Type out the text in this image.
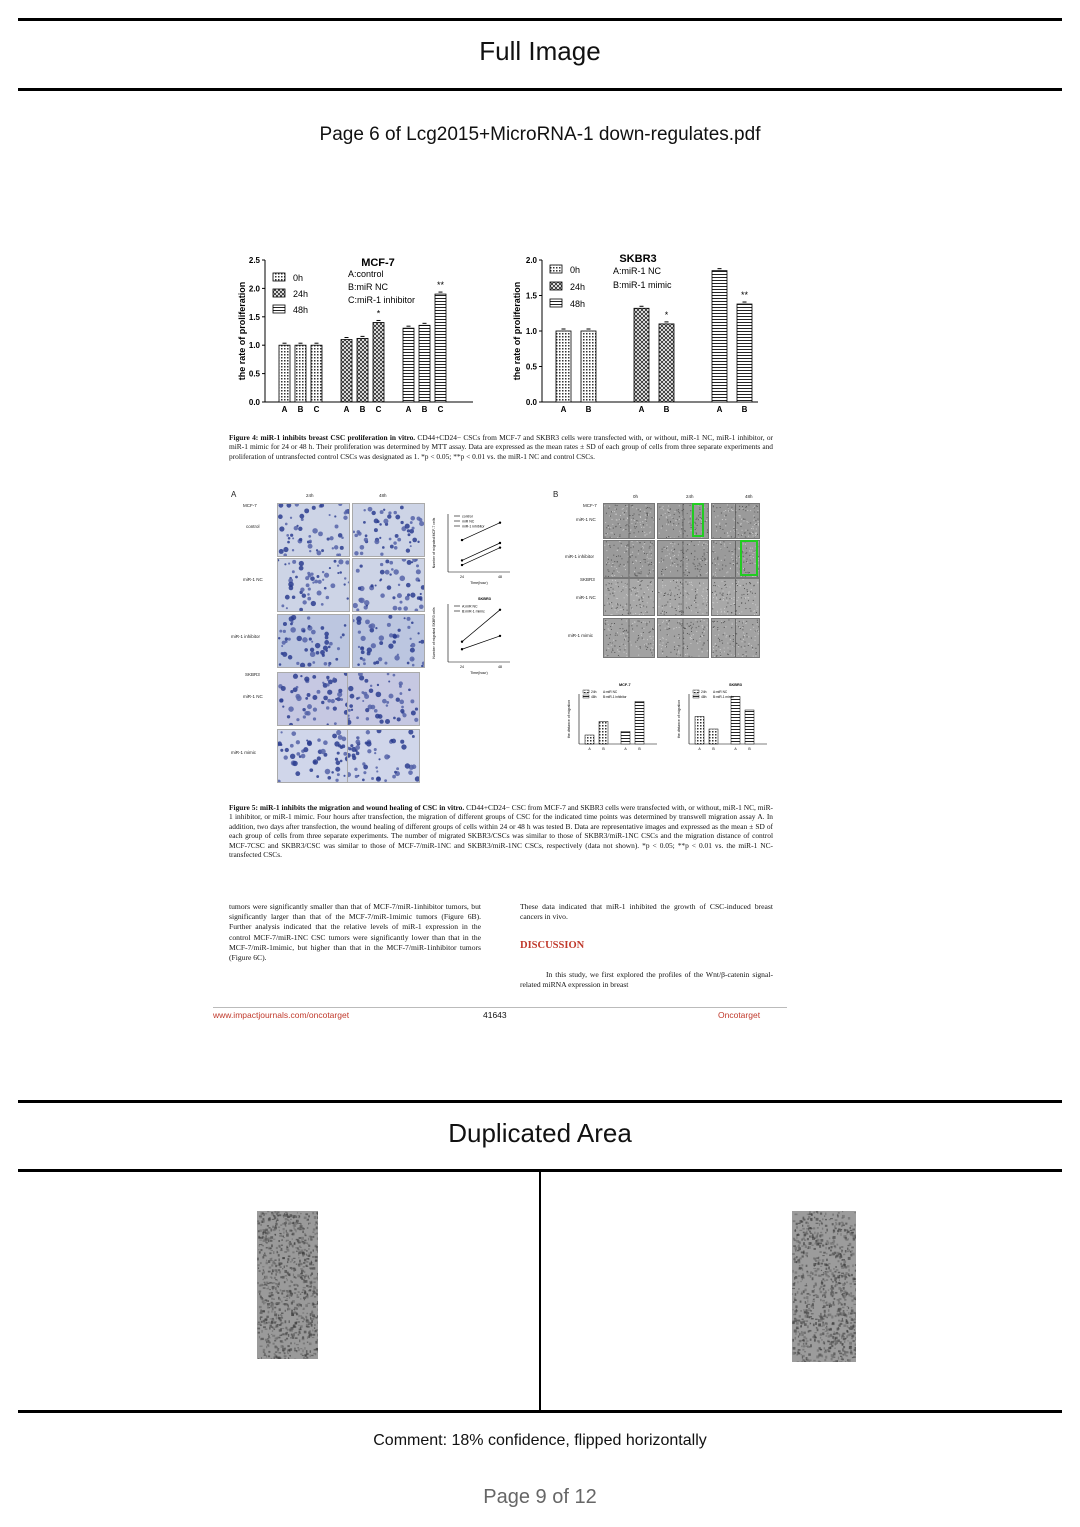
Full Image
Page 6 of Lcg2015+MicroRNA-1 down-regulates.pdf
0.0
0.5
1.0
1.5
2.0
2.5
the rate of proliferation
A B C	A B C	A B C
*
**
MCF-7
0h
24h
48h
A:control
B:miR NC
C:miR-1 inhibitor
0.0
0.5
1.0
1.5
2.0
the rate of proliferation
A B	A B	A B
*
**
SKBR3
0h
24h
48h
A:miR-1 NC
B:miR-1 mimic
Figure 4: miR-1 inhibits breast CSC proliferation in vitro. CD44+CD24− CSCs from MCF-7 and SKBR3 cells were transfected with, or without, miR-1 NC, miR-1 inhibitor, or miR-1 mimic for 24 or 48 h. Their proliferation was determined by MTT assay. Data are expressed as the mean rates ± SD of each group of cells from three separate experiments and proliferation of untransfected control CSCs was designated as 1. *p < 0.05; **p < 0.01 vs. the miR-1 NC and control CSCs.
A	24h	48h
MCF-7
control
miR-1 NC
miR-1 inhibitor
SKBR3
miR-1 NC
miR-1 mimic
Number of migrated MCF-7 cells
Time(hour)
24	48
control
miR NC
miR-1 inhibitor
Number of migrated SKBR3 cells
Time(hour)
24	48
SKBR3
A:miR NC
B:miR-1 mimic
B	0h	24h	48h
MCF-7
miR-1 NC
miR-1 inhibitor
SKBR3
miR-1 NC
miR-1 mimic
MCF-7
the distance of migration
A	B	A	B
24h
48h
A:miR NC
B:miR-1 inhibitor
SKBR3
the distance of migration
A	B	A	B
24h
48h
A:miR NC
B:miR-1 mimic
Figure 5: miR-1 inhibits the migration and wound healing of CSC in vitro. CD44+CD24− CSC from MCF-7 and SKBR3 cells were transfected with, or without, miR-1 NC, miR-1 inhibitor, or miR-1 mimic. Four hours after transfection, the migration of different groups of CSC for the indicated time points was determined by transwell migration assay A. In addition, two days after transfection, the wound healing of different groups of cells within 24 or 48 h was tested B. Data are representative images and expressed as the mean ± SD of each group of cells from three separate experiments. The number of migrated SKBR3/CSCs was similar to those of SKBR3/miR-1NC CSCs and the migration distance of control MCF-7CSC and SKBR3/CSC was similar to those of MCF-7/miR-1NC and SKBR3/miR-1NC CSCs, respectively (data not shown). *p < 0.05; **p < 0.01 vs. the miR-1 NC-transfected CSCs.
tumors were significantly smaller than that of MCF-7/miR-1inhibitor tumors, but significantly larger than that of the MCF-7/miR-1mimic tumors (Figure 6B). Further analysis indicated that the relative levels of miR-1 expression in the control MCF-7/miR-1NC CSC tumors were significantly lower than that in the MCF-7/miR-1mimic, but higher than that in the MCF-7/miR-1inhibitor tumors (Figure 6C).
These data indicated that miR-1 inhibited the growth of CSC-induced breast cancers in vivo.
DISCUSSION
In this study, we first explored the profiles of the Wnt/β-catenin signal-related miRNA expression in breast
www.impactjournals.com/oncotarget	41643	Oncotarget
Duplicated Area
Comment: 18% confidence, flipped horizontally
Page 9 of 12
